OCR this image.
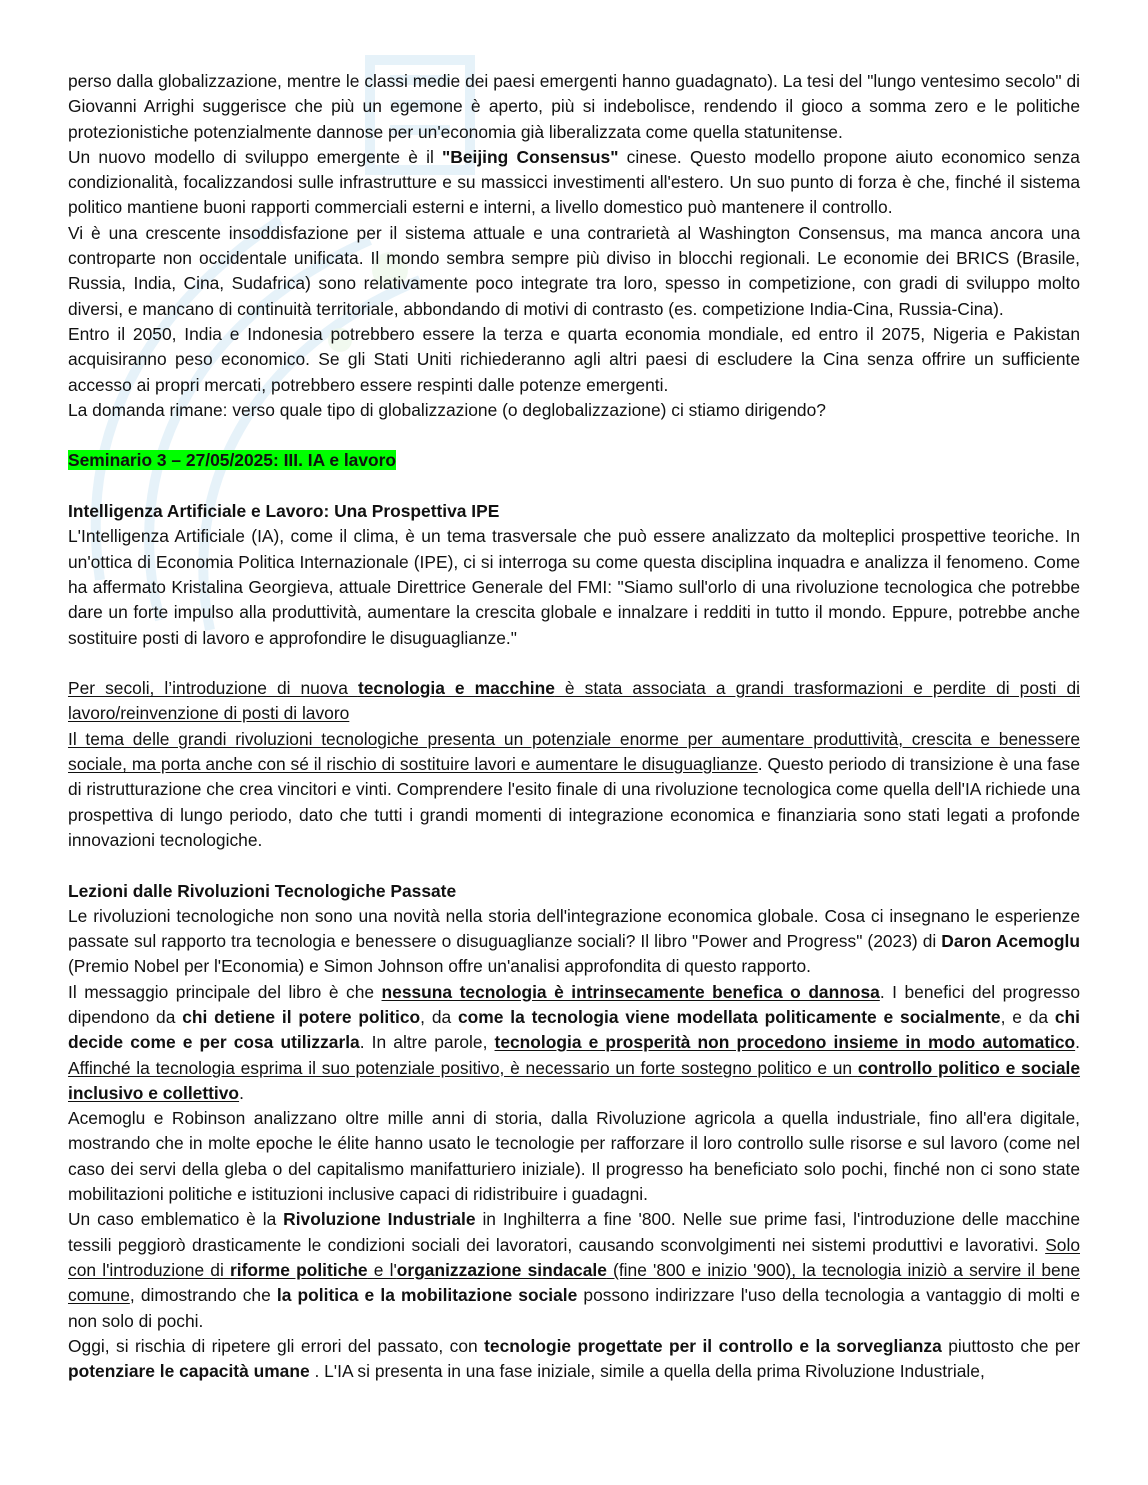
perso dalla globalizzazione, mentre le classi medie dei paesi emergenti hanno guadagnato). La tesi del "lungo ventesimo secolo" di Giovanni Arrighi suggerisce che più un egemone è aperto, più si indebolisce, rendendo il gioco a somma zero e le politiche protezionistiche potenzialmente dannose per un'economia già liberalizzata come quella statunitense.

Un nuovo modello di sviluppo emergente è il "Beijing Consensus" cinese. Questo modello propone aiuto economico senza condizionalità, focalizzandosi sulle infrastrutture e su massicci investimenti all'estero. Un suo punto di forza è che, finché il sistema politico mantiene buoni rapporti commerciali esterni e interni, a livello domestico può mantenere il controllo.

Vi è una crescente insoddisfazione per il sistema attuale e una contrarietà al Washington Consensus, ma manca ancora una controparte non occidentale unificata. Il mondo sembra sempre più diviso in blocchi regionali. Le economie dei BRICS (Brasile, Russia, India, Cina, Sudafrica) sono relativamente poco integrate tra loro, spesso in competizione, con gradi di sviluppo molto diversi, e mancano di continuità territoriale, abbondando di motivi di contrasto (es. competizione India-Cina, Russia-Cina).

Entro il 2050, India e Indonesia potrebbero essere la terza e quarta economia mondiale, ed entro il 2075, Nigeria e Pakistan acquisiranno peso economico. Se gli Stati Uniti richiederanno agli altri paesi di escludere la Cina senza offrire un sufficiente accesso ai propri mercati, potrebbero essere respinti dalle potenze emergenti.

La domanda rimane: verso quale tipo di globalizzazione (o deglobalizzazione) ci stiamo dirigendo?

Seminario 3 – 27/05/2025: III. IA e lavoro

Intelligenza Artificiale e Lavoro: Una Prospettiva IPE

L'Intelligenza Artificiale (IA), come il clima, è un tema trasversale che può essere analizzato da molteplici prospettive teoriche. In un'ottica di Economia Politica Internazionale (IPE), ci si interroga su come questa disciplina inquadra e analizza il fenomeno. Come ha affermato Kristalina Georgieva, attuale Direttrice Generale del FMI: "Siamo sull'orlo di una rivoluzione tecnologica che potrebbe dare un forte impulso alla produttività, aumentare la crescita globale e innalzare i redditi in tutto il mondo. Eppure, potrebbe anche sostituire posti di lavoro e approfondire le disuguaglianze."

Per secoli, l’introduzione di nuova tecnologia e macchine è stata associata a grandi trasformazioni e perdite di posti di lavoro/reinvenzione di posti di lavoro

Il tema delle grandi rivoluzioni tecnologiche presenta un potenziale enorme per aumentare produttività, crescita e benessere sociale, ma porta anche con sé il rischio di sostituire lavori e aumentare le disuguaglianze. Questo periodo di transizione è una fase di ristrutturazione che crea vincitori e vinti. Comprendere l'esito finale di una rivoluzione tecnologica come quella dell'IA richiede una prospettiva di lungo periodo, dato che tutti i grandi momenti di integrazione economica e finanziaria sono stati legati a profonde innovazioni tecnologiche.

Lezioni dalle Rivoluzioni Tecnologiche Passate

Le rivoluzioni tecnologiche non sono una novità nella storia dell'integrazione economica globale. Cosa ci insegnano le esperienze passate sul rapporto tra tecnologia e benessere o disuguaglianze sociali? Il libro "Power and Progress" (2023) di Daron Acemoglu (Premio Nobel per l'Economia) e Simon Johnson offre un'analisi approfondita di questo rapporto.

Il messaggio principale del libro è che nessuna tecnologia è intrinsecamente benefica o dannosa. I benefici del progresso dipendono da chi detiene il potere politico, da come la tecnologia viene modellata politicamente e socialmente, e da chi decide come e per cosa utilizzarla. In altre parole, tecnologia e prosperità non procedono insieme in modo automatico. Affinché la tecnologia esprima il suo potenziale positivo, è necessario un forte sostegno politico e un controllo politico e sociale inclusivo e collettivo.

Acemoglu e Robinson analizzano oltre mille anni di storia, dalla Rivoluzione agricola a quella industriale, fino all'era digitale, mostrando che in molte epoche le élite hanno usato le tecnologie per rafforzare il loro controllo sulle risorse e sul lavoro (come nel caso dei servi della gleba o del capitalismo manifatturiero iniziale). Il progresso ha beneficiato solo pochi, finché non ci sono state mobilitazioni politiche e istituzioni inclusive capaci di ridistribuire i guadagni.

Un caso emblematico è la Rivoluzione Industriale in Inghilterra a fine '800. Nelle sue prime fasi, l'introduzione delle macchine tessili peggiorò drasticamente le condizioni sociali dei lavoratori, causando sconvolgimenti nei sistemi produttivi e lavorativi. Solo con l'introduzione di riforme politiche e l'organizzazione sindacale (fine '800 e inizio '900), la tecnologia iniziò a servire il bene comune, dimostrando che la politica e la mobilitazione sociale possono indirizzare l'uso della tecnologia a vantaggio di molti e non solo di pochi.

Oggi, si rischia di ripetere gli errori del passato, con tecnologie progettate per il controllo e la sorveglianza piuttosto che per potenziare le capacità umane . L'IA si presenta in una fase iniziale, simile a quella della prima Rivoluzione Industriale,
